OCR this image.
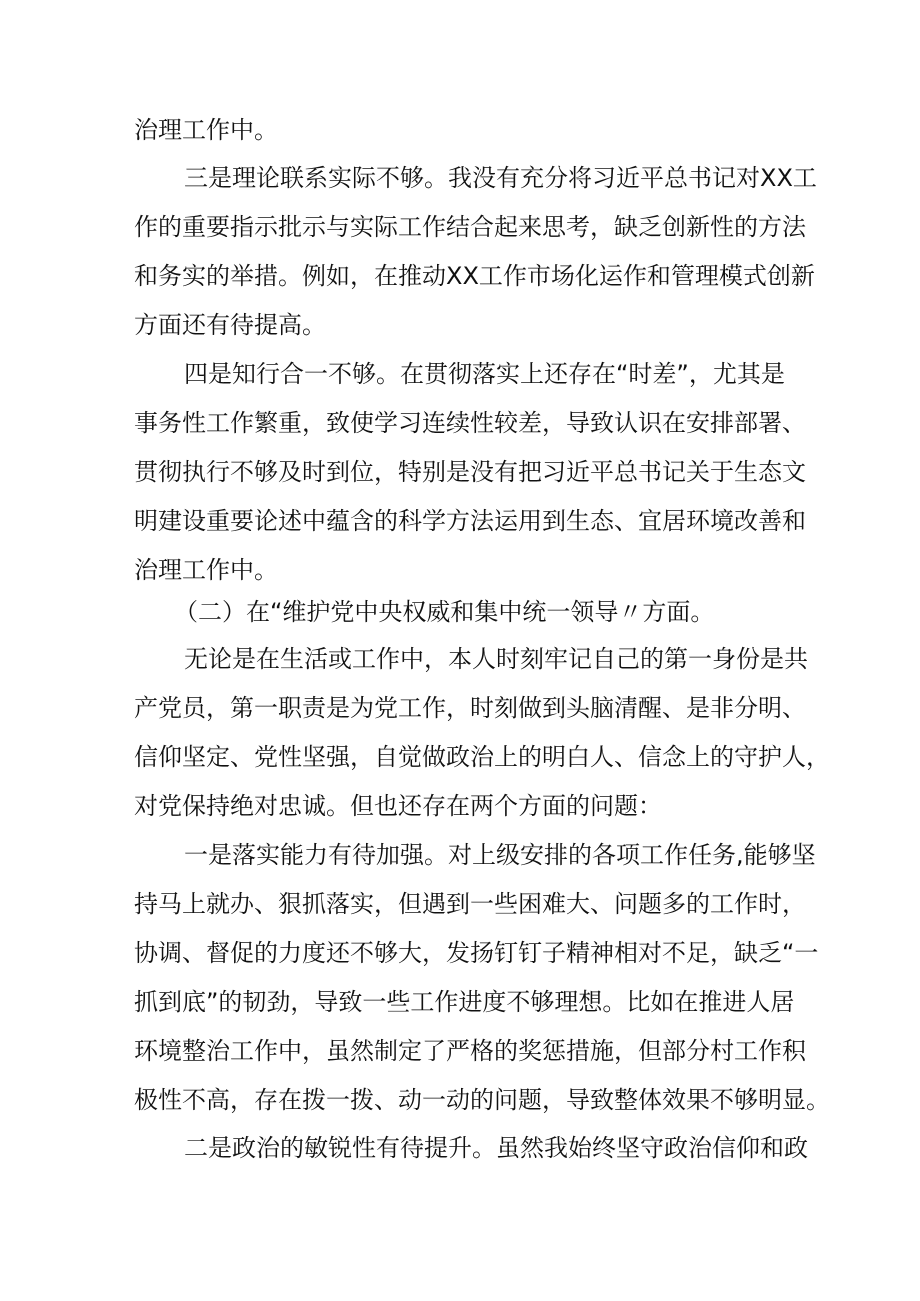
治理工作中。
三是理论联系实际不够。我没有充分将习近平总书记对XX工
作的重要指示批示与实际工作结合起来思考，缺乏创新性的方法
和务实的举措。例如，在推动XX工作市场化运作和管理模式创新
方面还有待提高。
四是知行合一不够。在贯彻落实上还存在“时差”，尤其是
事务性工作繁重，致使学习连续性较差，导致认识在安排部署、
贯彻执行不够及时到位，特别是没有把习近平总书记关于生态文
明建设重要论述中蕴含的科学方法运用到生态、宜居环境改善和
治理工作中。
（二）在“维护党中央权威和集中统一领导〃方面。
无论是在生活或工作中，本人时刻牢记自己的第一身份是共
产党员，第一职责是为党工作，时刻做到头脑清醒、是非分明、
信仰坚定、党性坚强，自觉做政治上的明白人、信念上的守护人，
对党保持绝对忠诚。但也还存在两个方面的问题：
一是落实能力有待加强。对上级安排的各项工作任务,能够坚
持马上就办、狠抓落实，但遇到一些困难大、问题多的工作时，
协调、督促的力度还不够大，发扬钉钉子精神相对不足，缺乏“一
抓到底”的韧劲，导致一些工作进度不够理想。比如在推进人居
环境整治工作中，虽然制定了严格的奖惩措施，但部分村工作积
极性不高，存在拨一拨、动一动的问题，导致整体效果不够明显。
二是政治的敏锐性有待提升。虽然我始终坚守政治信仰和政
